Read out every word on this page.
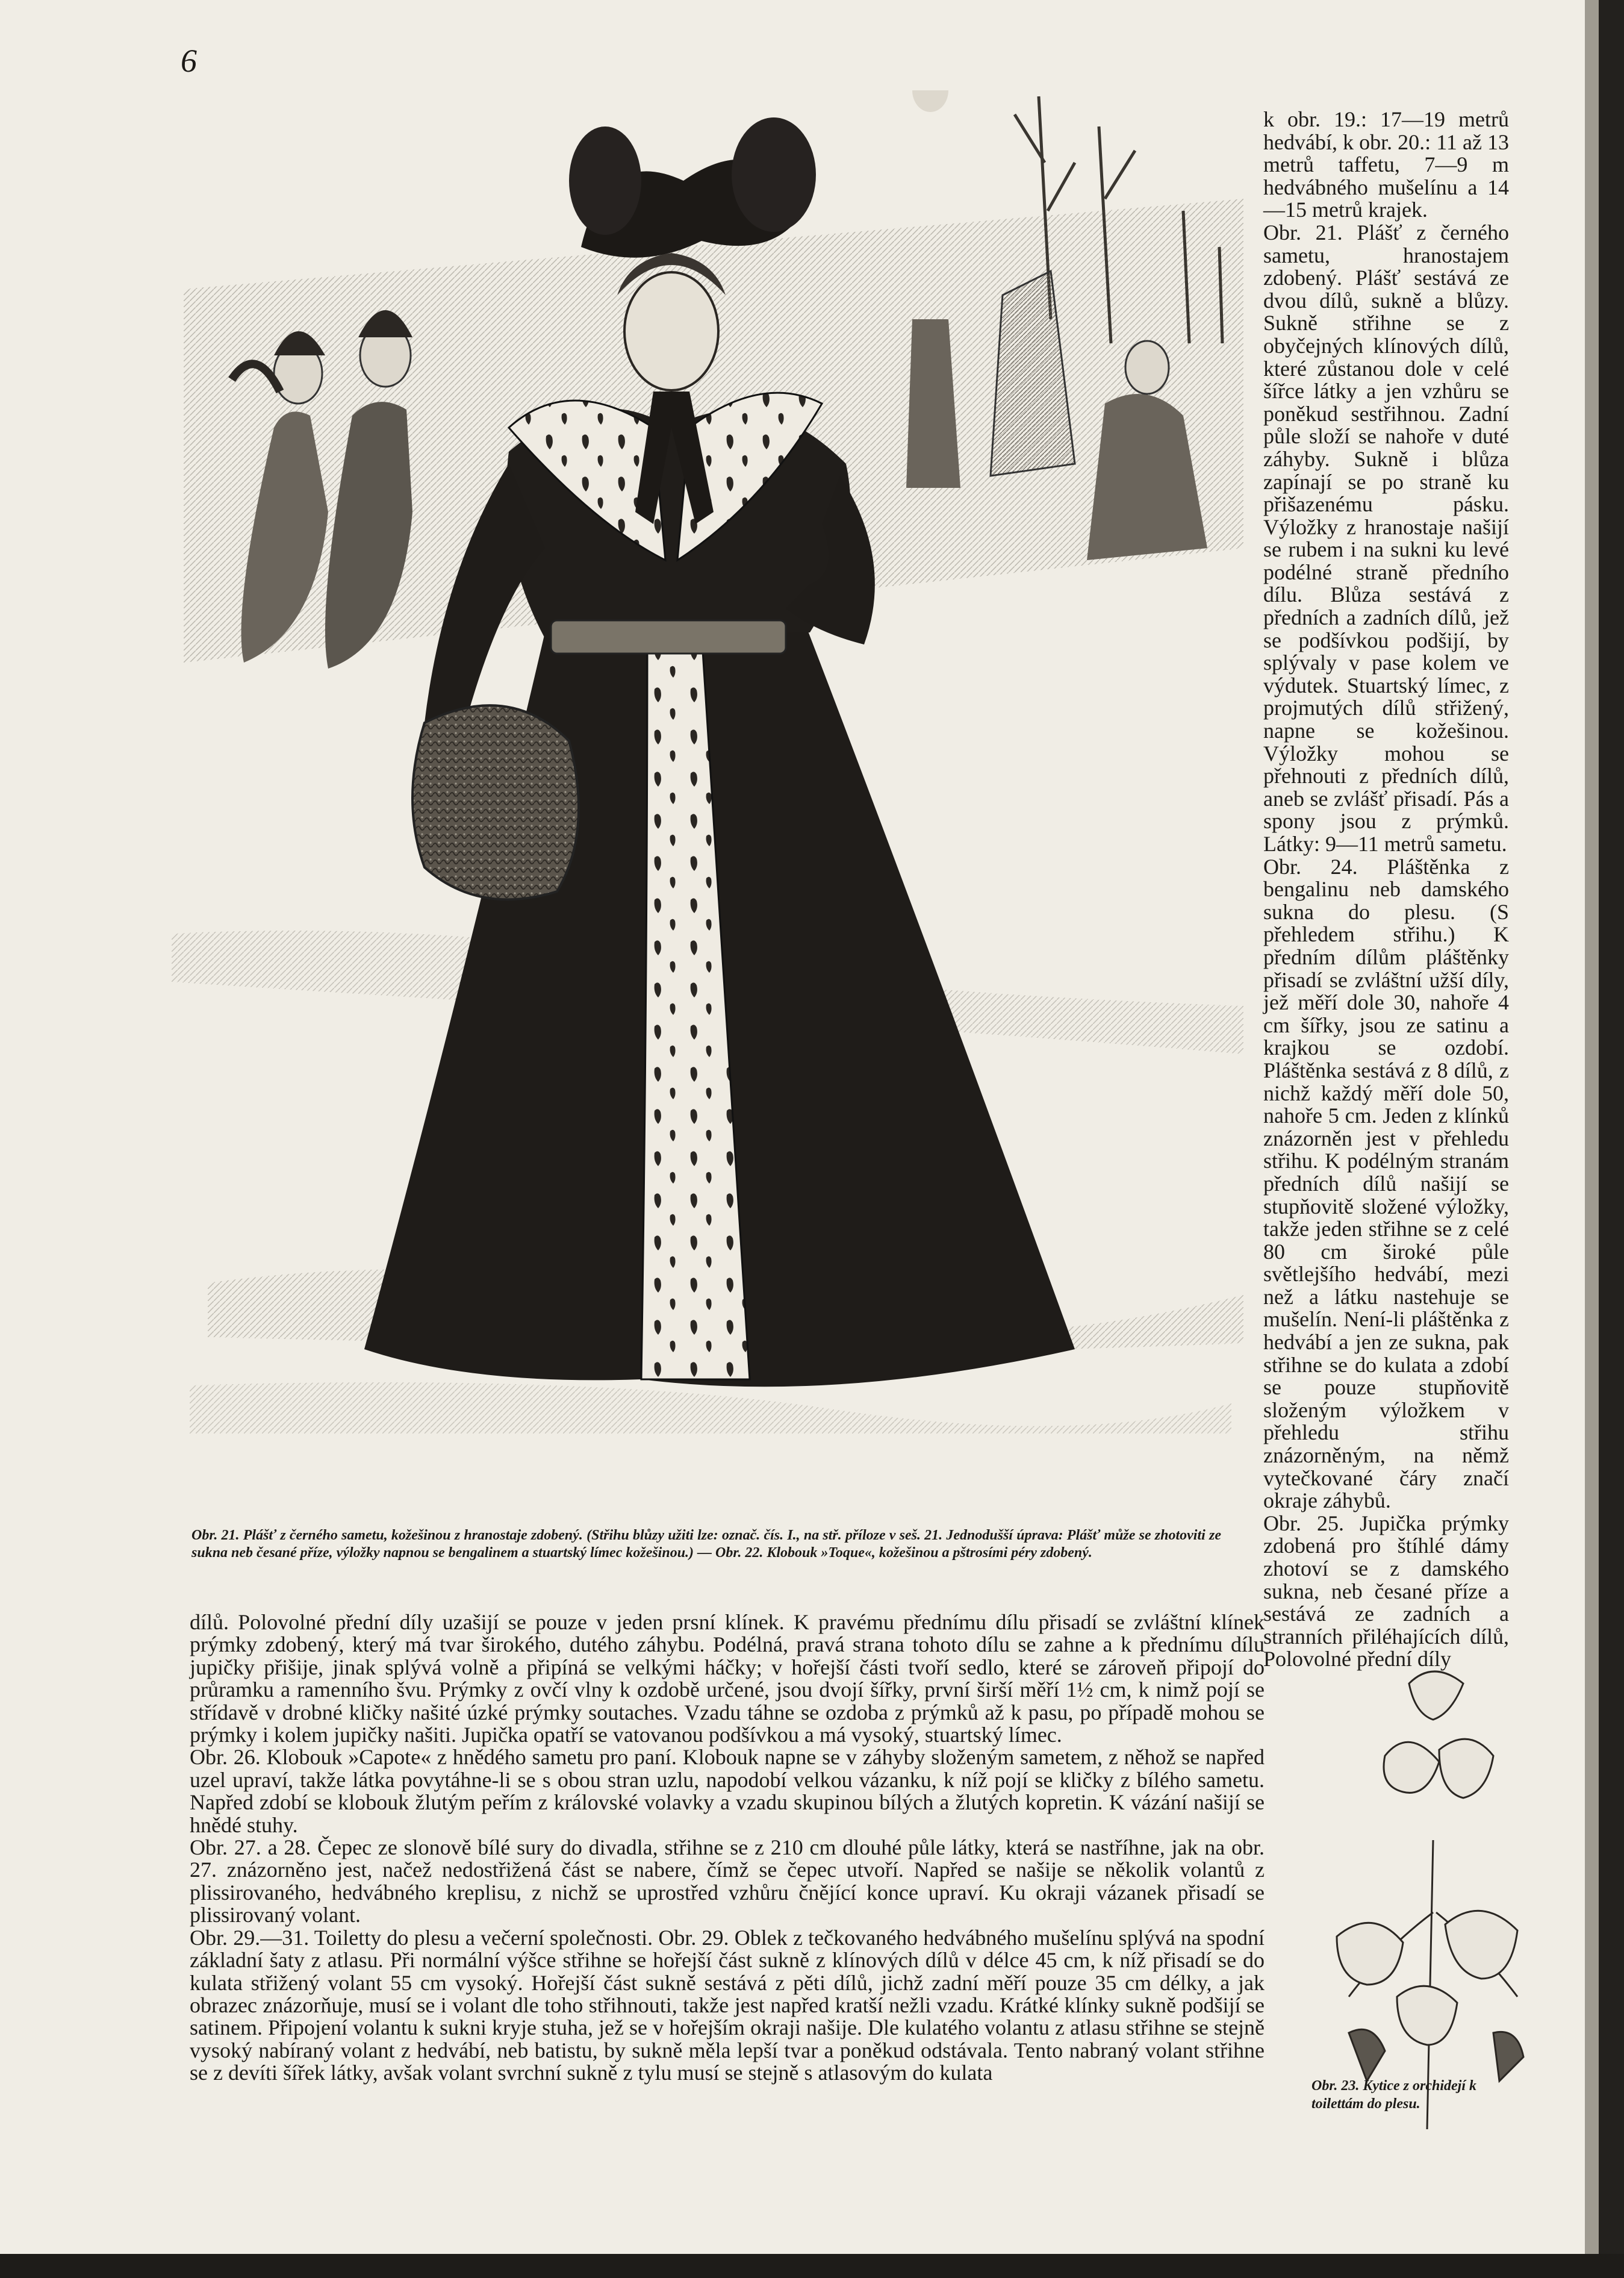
6

Obr. 21. Plášť z černého sametu, kožešinou z hranostaje zdobený. (Střihu blůzy užiti lze: označ. čís. I., na stř. příloze v seš. 21. Jednodušší úprava: Plášť může se zhotoviti ze sukna neb česané příze, výložky napnou se bengalinem a stuartský límec kožešinou.) — Obr. 22. Klobouk »Toque«, kožešinou a pštrosími péry zdobený.

k obr. 19.: 17—19 metrů hedvábí, k obr. 20.: 11 až 13 metrů taffetu, 7—9 m hedvábného mušelínu a 14—15 metrů krajek.

Obr. 21. Plášť z černého sametu, hranostajem zdobený. Plášť sestává ze dvou dílů, sukně a blůzy. Sukně střihne se z obyčejných klínových dílů, které zůstanou dole v celé šířce látky a jen vzhůru se poněkud sestřihnou. Zadní půle složí se nahoře v duté záhyby. Sukně i blůza zapínají se po straně ku přišazenému pásku. Výložky z hranostaje našijí se rubem i na sukni ku levé podélné straně předního dílu. Blůza sestává z předních a zadních dílů, jež se podšívkou podšijí, by splývaly v pase kolem ve výdutek. Stuartský límec, z projmutých dílů střižený, napne se kožešinou. Výložky mohou se přehnouti z předních dílů, aneb se zvlášť přisadí. Pás a spony jsou z prýmků. Látky: 9—11 metrů sametu.

Obr. 24. Pláštěnka z bengalinu neb damského sukna do plesu. (S přehledem střihu.) K předním dílům pláštěnky přisadí se zvláštní užší díly, jež měří dole 30, nahoře 4 cm šířky, jsou ze satinu a krajkou se ozdobí. Pláštěnka sestává z 8 dílů, z nichž každý měří dole 50, nahoře 5 cm. Jeden z klínků znázorněn jest v přehledu střihu. K podélným stranám předních dílů našijí se stupňovitě složené výložky, takže jeden střihne se z celé 80 cm široké půle světlejšího hedvábí, mezi než a látku nastehuje se mušelín. Není-li pláštěnka z hedvábí a jen ze sukna, pak střihne se do kulata a zdobí se pouze stupňovitě složeným výložkem v přehledu střihu znázorněným, na němž vytečkované čáry značí okraje záhybů.

Obr. 25. Jupička prýmky zdobená pro štíhlé dámy zhotoví se z damského sukna, neb česané příze a sestává ze zadních a stranních přiléhajících dílů, Polovolné přední díly

dílů. Polovolné přední díly uzašijí se pouze v jeden prsní klínek. K pravému přednímu dílu přisadí se zvláštní klínek prýmky zdobený, který má tvar širokého, dutého záhybu. Podélná, pravá strana tohoto dílu se zahne a k přednímu dílu jupičky přišije, jinak splývá volně a připíná se velkými háčky; v hořejší části tvoří sedlo, které se zároveň připojí do průramku a ramenního švu. Prýmky z ovčí vlny k ozdobě určené, jsou dvojí šířky, první širší měří 1½ cm, k nimž pojí se střídavě v drobné kličky našité úzké prýmky soutaches. Vzadu táhne se ozdoba z prýmků až k pasu, po případě mohou se prýmky i kolem jupičky našiti. Jupička opatří se vatovanou podšívkou a má vysoký, stuartský límec.

Obr. 26. Klobouk »Capote« z hnědého sametu pro paní. Klobouk napne se v záhyby složeným sametem, z něhož se napřed uzel upraví, takže látka povytáhne-li se s obou stran uzlu, napodobí velkou vázanku, k níž pojí se kličky z bílého sametu. Napřed zdobí se klobouk žlutým peřím z královské volavky a vzadu skupinou bílých a žlutých kopretin. K vázání našijí se hnědé stuhy.

Obr. 27. a 28. Čepec ze slonově bílé sury do divadla, střihne se z 210 cm dlouhé půle látky, která se nastříhne, jak na obr. 27. znázorněno jest, načež nedostřižená část se nabere, čímž se čepec utvoří. Napřed se našije se několik volantů z plissirovaného, hedvábného kreplisu, z nichž se uprostřed vzhůru čnějící konce upraví. Ku okraji vázanek přisadí se plissirovaný volant.

Obr. 29.—31. Toiletty do plesu a večerní společnosti. Obr. 29. Oblek z tečkovaného hedvábného mušelínu splývá na spodní základní šaty z atlasu. Při normální výšce střihne se hořejší část sukně z klínových dílů v délce 45 cm, k níž přisadí se do kulata střižený volant 55 cm vysoký. Hořejší část sukně sestává z pěti dílů, jichž zadní měří pouze 35 cm délky, a jak obrazec znázorňuje, musí se i volant dle toho střihnouti, takže jest napřed kratší nežli vzadu. Krátké klínky sukně podšijí se satinem. Připojení volantu k sukni kryje stuha, jež se v hořejším okraji našije. Dle kulatého volantu z atlasu střihne se stejně vysoký nabíraný volant z hedvábí, neb batistu, by sukně měla lepší tvar a poněkud odstávala. Tento nabraný volant střihne se z devíti šířek látky, avšak volant svrchní sukně z tylu musí se stejně s atlasovým do kulata

Obr. 23. Kytice z orchidejí k toilettám do plesu.
